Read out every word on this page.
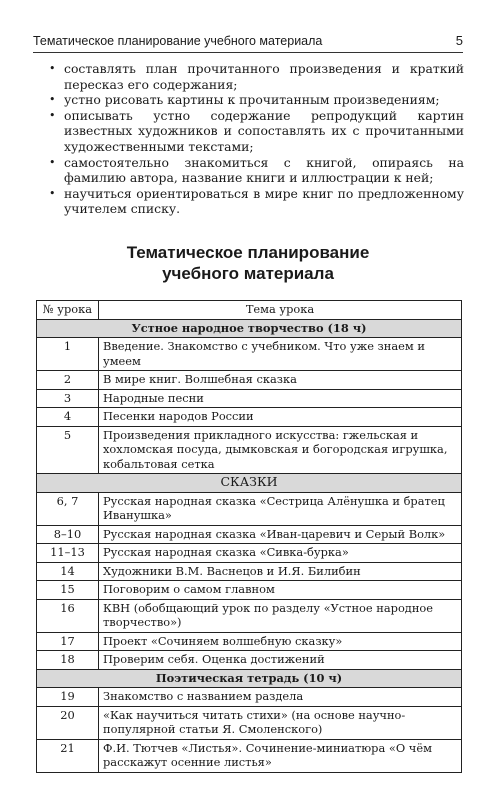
Тематическое планирование учебного материала	5
• составлять план прочитанного произведения и краткий пересказ его содержания;
• устно рисовать картины к прочитанным произведениям;
• описывать устно содержание репродукций картин известных художников и сопоставлять их с прочитанными художественными текстами;
• самостоятельно знакомиться с книгой, опираясь на фамилию автора, название книги и иллюстрации к ней;
• научиться ориентироваться в мире книг по предложенному учителем списку.
Тематическое планирование
учебного материала
№ урока	Тема урока
Устное народное творчество (18 ч)	
1	Введение. Знакомство с учебником. Что уже знаем и умеем
2	В мире книг. Волшебная сказка
3	Народные песни
4	Песенки народов России
5	Произведения прикладного искусства: гжельская и хохломская посуда, дымковская и богородская игрушка, кобальтовая сетка
СКАЗКИ	
6, 7	Русская народная сказка «Сестрица Алёнушка и братец Иванушка»
8–10	Русская народная сказка «Иван-царевич и Серый Волк»
11–13	Русская народная сказка «Сивка-бурка»
14	Художники В.М. Васнецов и И.Я. Билибин
15	Поговорим о самом главном
16	КВН (обобщающий урок по разделу «Устное народное творчество»)
17	Проект «Сочиняем волшебную сказку»
18	Проверим себя. Оценка достижений
Поэтическая тетрадь (10 ч)	
19	Знакомство с названием раздела
20	«Как научиться читать стихи» (на основе научно-популярной статьи Я. Смоленского)
21	Ф.И. Тютчев «Листья». Сочинение-миниатюра «О чём расскажут осенние листья»
